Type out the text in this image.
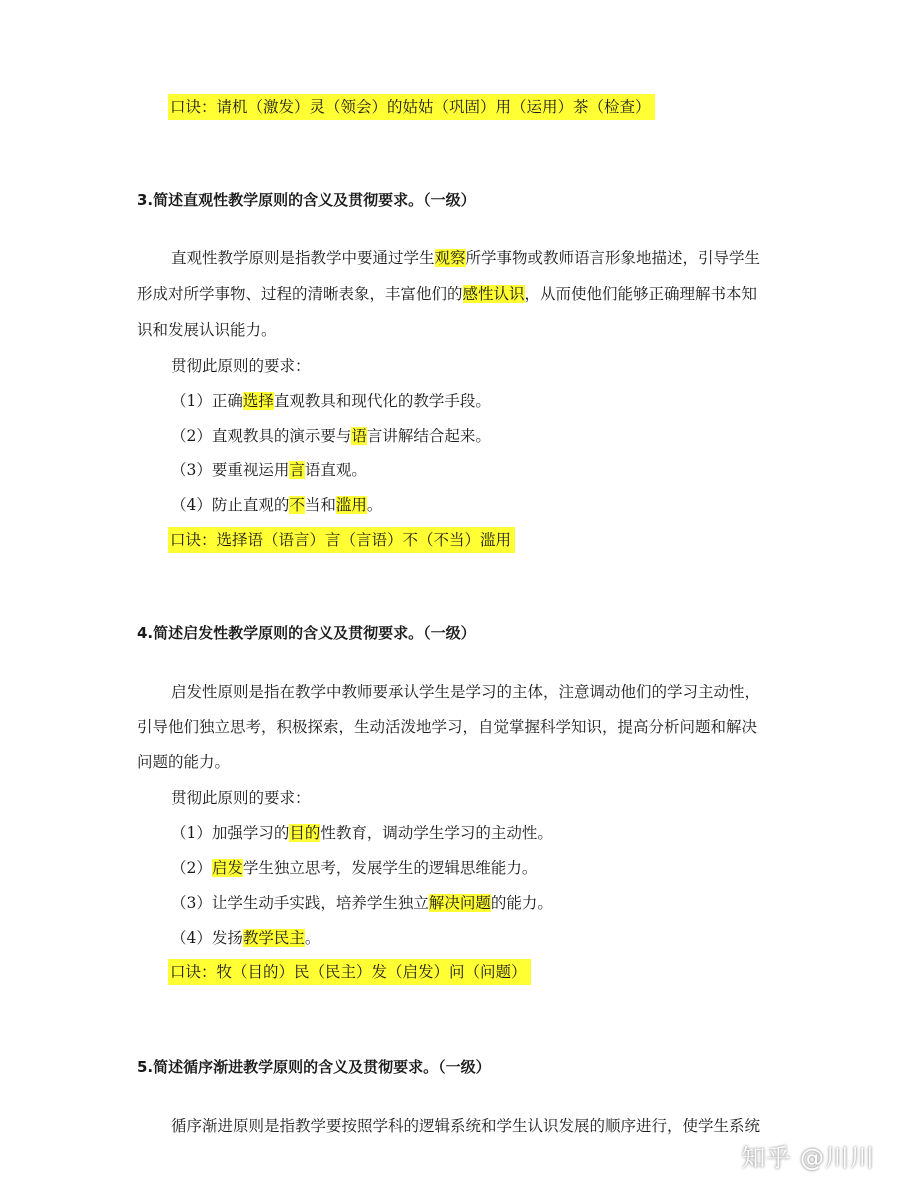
口诀：请机（激发）灵（领会）的姑姑（巩固）用（运用）茶（检查）
3.简述直观性教学原则的含义及贯彻要求。（一级）
直观性教学原则是指教学中要通过学生观察所学事物或教师语言形象地描述，引导学生
形成对所学事物、过程的清晰表象，丰富他们的感性认识，从而使他们能够正确理解书本知
识和发展认识能力。
贯彻此原则的要求：
（1）正确选择直观教具和现代化的教学手段。
（2）直观教具的演示要与语言讲解结合起来。
（3）要重视运用言语直观。
（4）防止直观的不当和滥用。
口诀：选择语（语言）言（言语）不（不当）滥用
4.简述启发性教学原则的含义及贯彻要求。（一级）
启发性原则是指在教学中教师要承认学生是学习的主体，注意调动他们的学习主动性，
引导他们独立思考，积极探索，生动活泼地学习，自觉掌握科学知识，提高分析问题和解决
问题的能力。
贯彻此原则的要求：
（1）加强学习的目的性教育，调动学生学习的主动性。
（2）启发学生独立思考，发展学生的逻辑思维能力。
（3）让学生动手实践，培养学生独立解决问题的能力。
（4）发扬教学民主。
口诀：牧（目的）民（民主）发（启发）问（问题）
5.简述循序渐进教学原则的含义及贯彻要求。（一级）
循序渐进原则是指教学要按照学科的逻辑系统和学生认识发展的顺序进行，使学生系统
知乎 @川川
